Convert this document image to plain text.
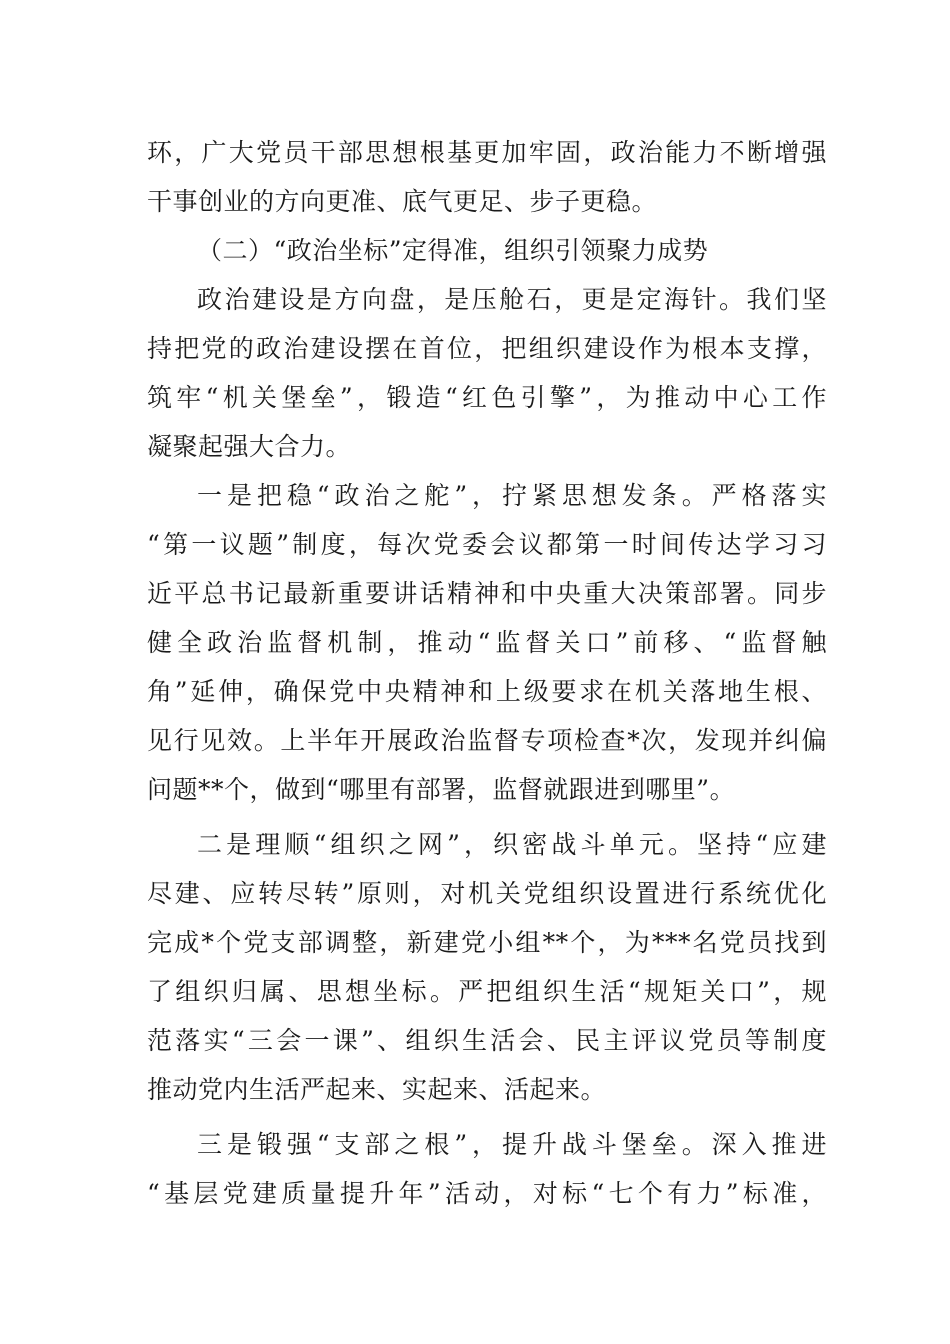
环，广大党员干部思想根基更加牢固，政治能力不断增强
干事创业的方向更准、底气更足、步子更稳。
（二）“政治坐标”定得准，组织引领聚力成势
政治建设是方向盘，是压舱石，更是定海针。我们坚
持把党的政治建设摆在首位，把组织建设作为根本支撑，
筑牢“机关堡垒”，锻造“红色引擎”，为推动中心工作
凝聚起强大合力。
一是把稳“政治之舵”，拧紧思想发条。严格落实
“第一议题”制度，每次党委会议都第一时间传达学习习
近平总书记最新重要讲话精神和中央重大决策部署。同步
健全政治监督机制，推动“监督关口”前移、“监督触
角”延伸，确保党中央精神和上级要求在机关落地生根、
见行见效。上半年开展政治监督专项检查*次，发现并纠偏
问题**个，做到“哪里有部署，监督就跟进到哪里”。
二是理顺“组织之网”，织密战斗单元。坚持“应建
尽建、应转尽转”原则，对机关党组织设置进行系统优化
完成*个党支部调整，新建党小组**个，为***名党员找到
了组织归属、思想坐标。严把组织生活“规矩关口”，规
范落实“三会一课”、组织生活会、民主评议党员等制度
推动党内生活严起来、实起来、活起来。
三是锻强“支部之根”，提升战斗堡垒。深入推进
“基层党建质量提升年”活动，对标“七个有力”标准，
